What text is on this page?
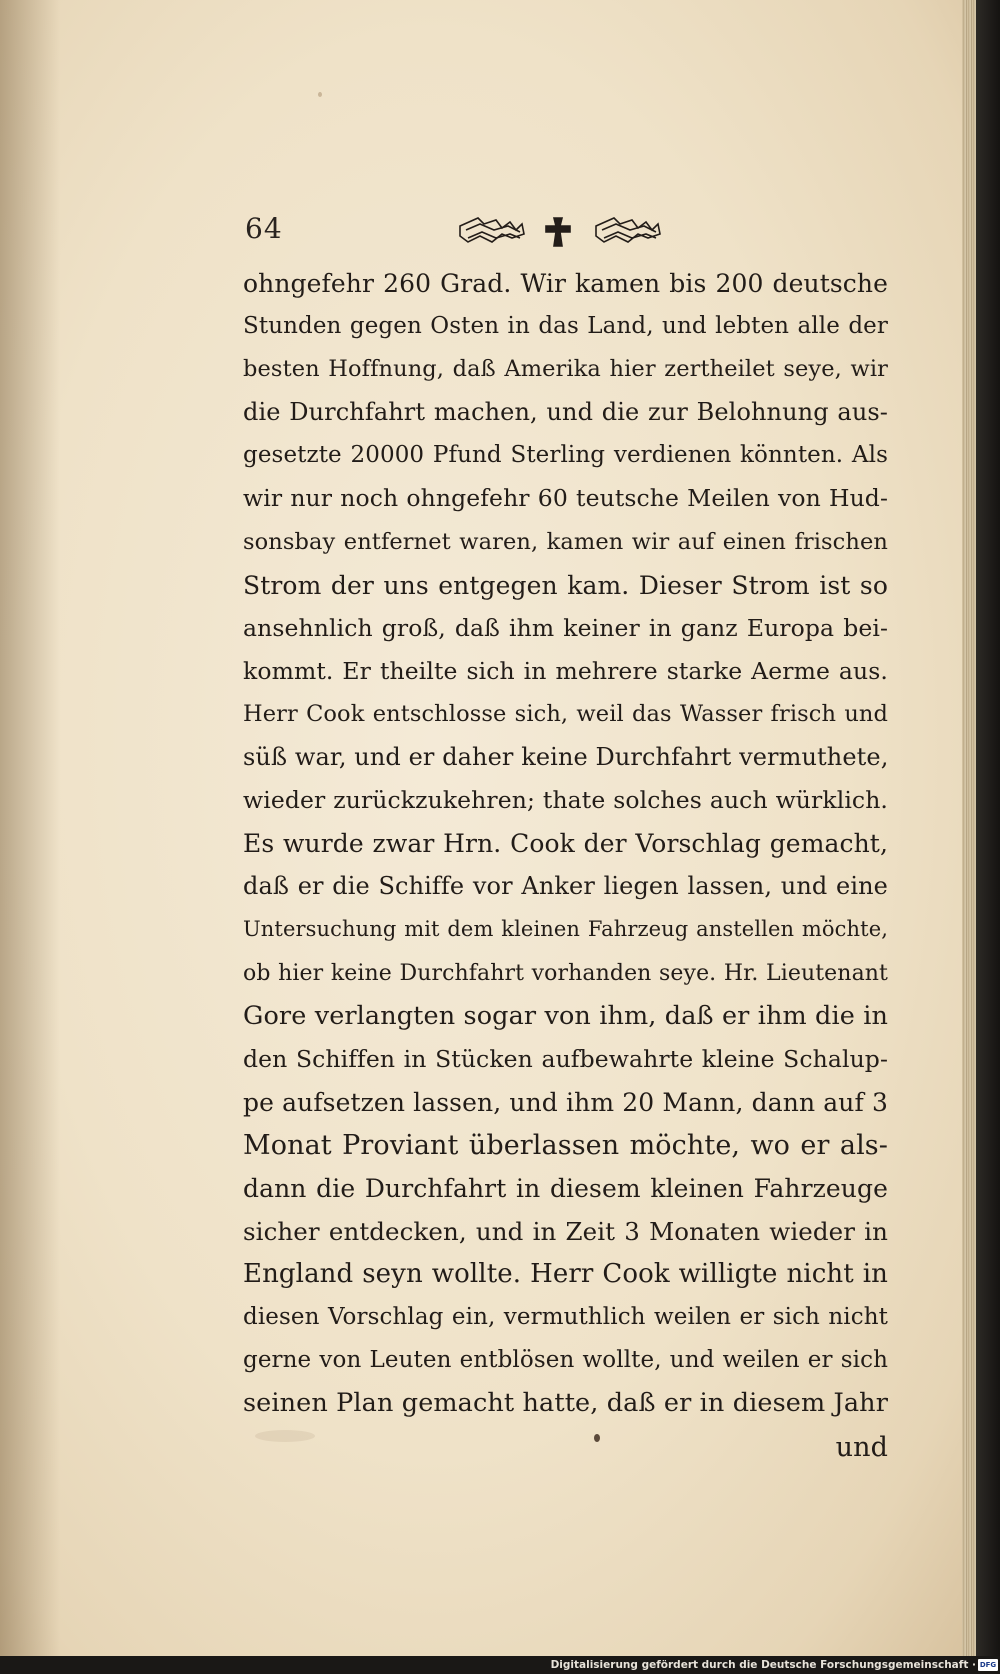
64
ohngefehr 260 Grad. Wir kamen bis 200 deutsche
Stunden gegen Osten in das Land, und lebten alle der
besten Hoffnung, daß Amerika hier zertheilet seye, wir
die Durchfahrt machen, und die zur Belohnung aus-
gesetzte 20000 Pfund Sterling verdienen könnten. Als
wir nur noch ohngefehr 60 teutsche Meilen von Hud-
sonsbay entfernet waren, kamen wir auf einen frischen
Strom der uns entgegen kam. Dieser Strom ist so
ansehnlich groß, daß ihm keiner in ganz Europa bei-
kommt. Er theilte sich in mehrere starke Aerme aus.
Herr Cook entschlosse sich, weil das Wasser frisch und
süß war, und er daher keine Durchfahrt vermuthete,
wieder zurückzukehren; thate solches auch würklich.
Es wurde zwar Hrn. Cook der Vorschlag gemacht,
daß er die Schiffe vor Anker liegen lassen, und eine
Untersuchung mit dem kleinen Fahrzeug anstellen möchte,
ob hier keine Durchfahrt vorhanden seye. Hr. Lieutenant
Gore verlangten sogar von ihm, daß er ihm die in
den Schiffen in Stücken aufbewahrte kleine Schalup-
pe aufsetzen lassen, und ihm 20 Mann, dann auf 3
Monat Proviant überlassen möchte, wo er als-
dann die Durchfahrt in diesem kleinen Fahrzeuge
sicher entdecken, und in Zeit 3 Monaten wieder in
England seyn wollte. Herr Cook willigte nicht in
diesen Vorschlag ein, vermuthlich weilen er sich nicht
gerne von Leuten entblösen wollte, und weilen er sich
seinen Plan gemacht hatte, daß er in diesem Jahr
und
Digitalisierung gefördert durch die Deutsche Forschungsgemeinschaft · DFG
